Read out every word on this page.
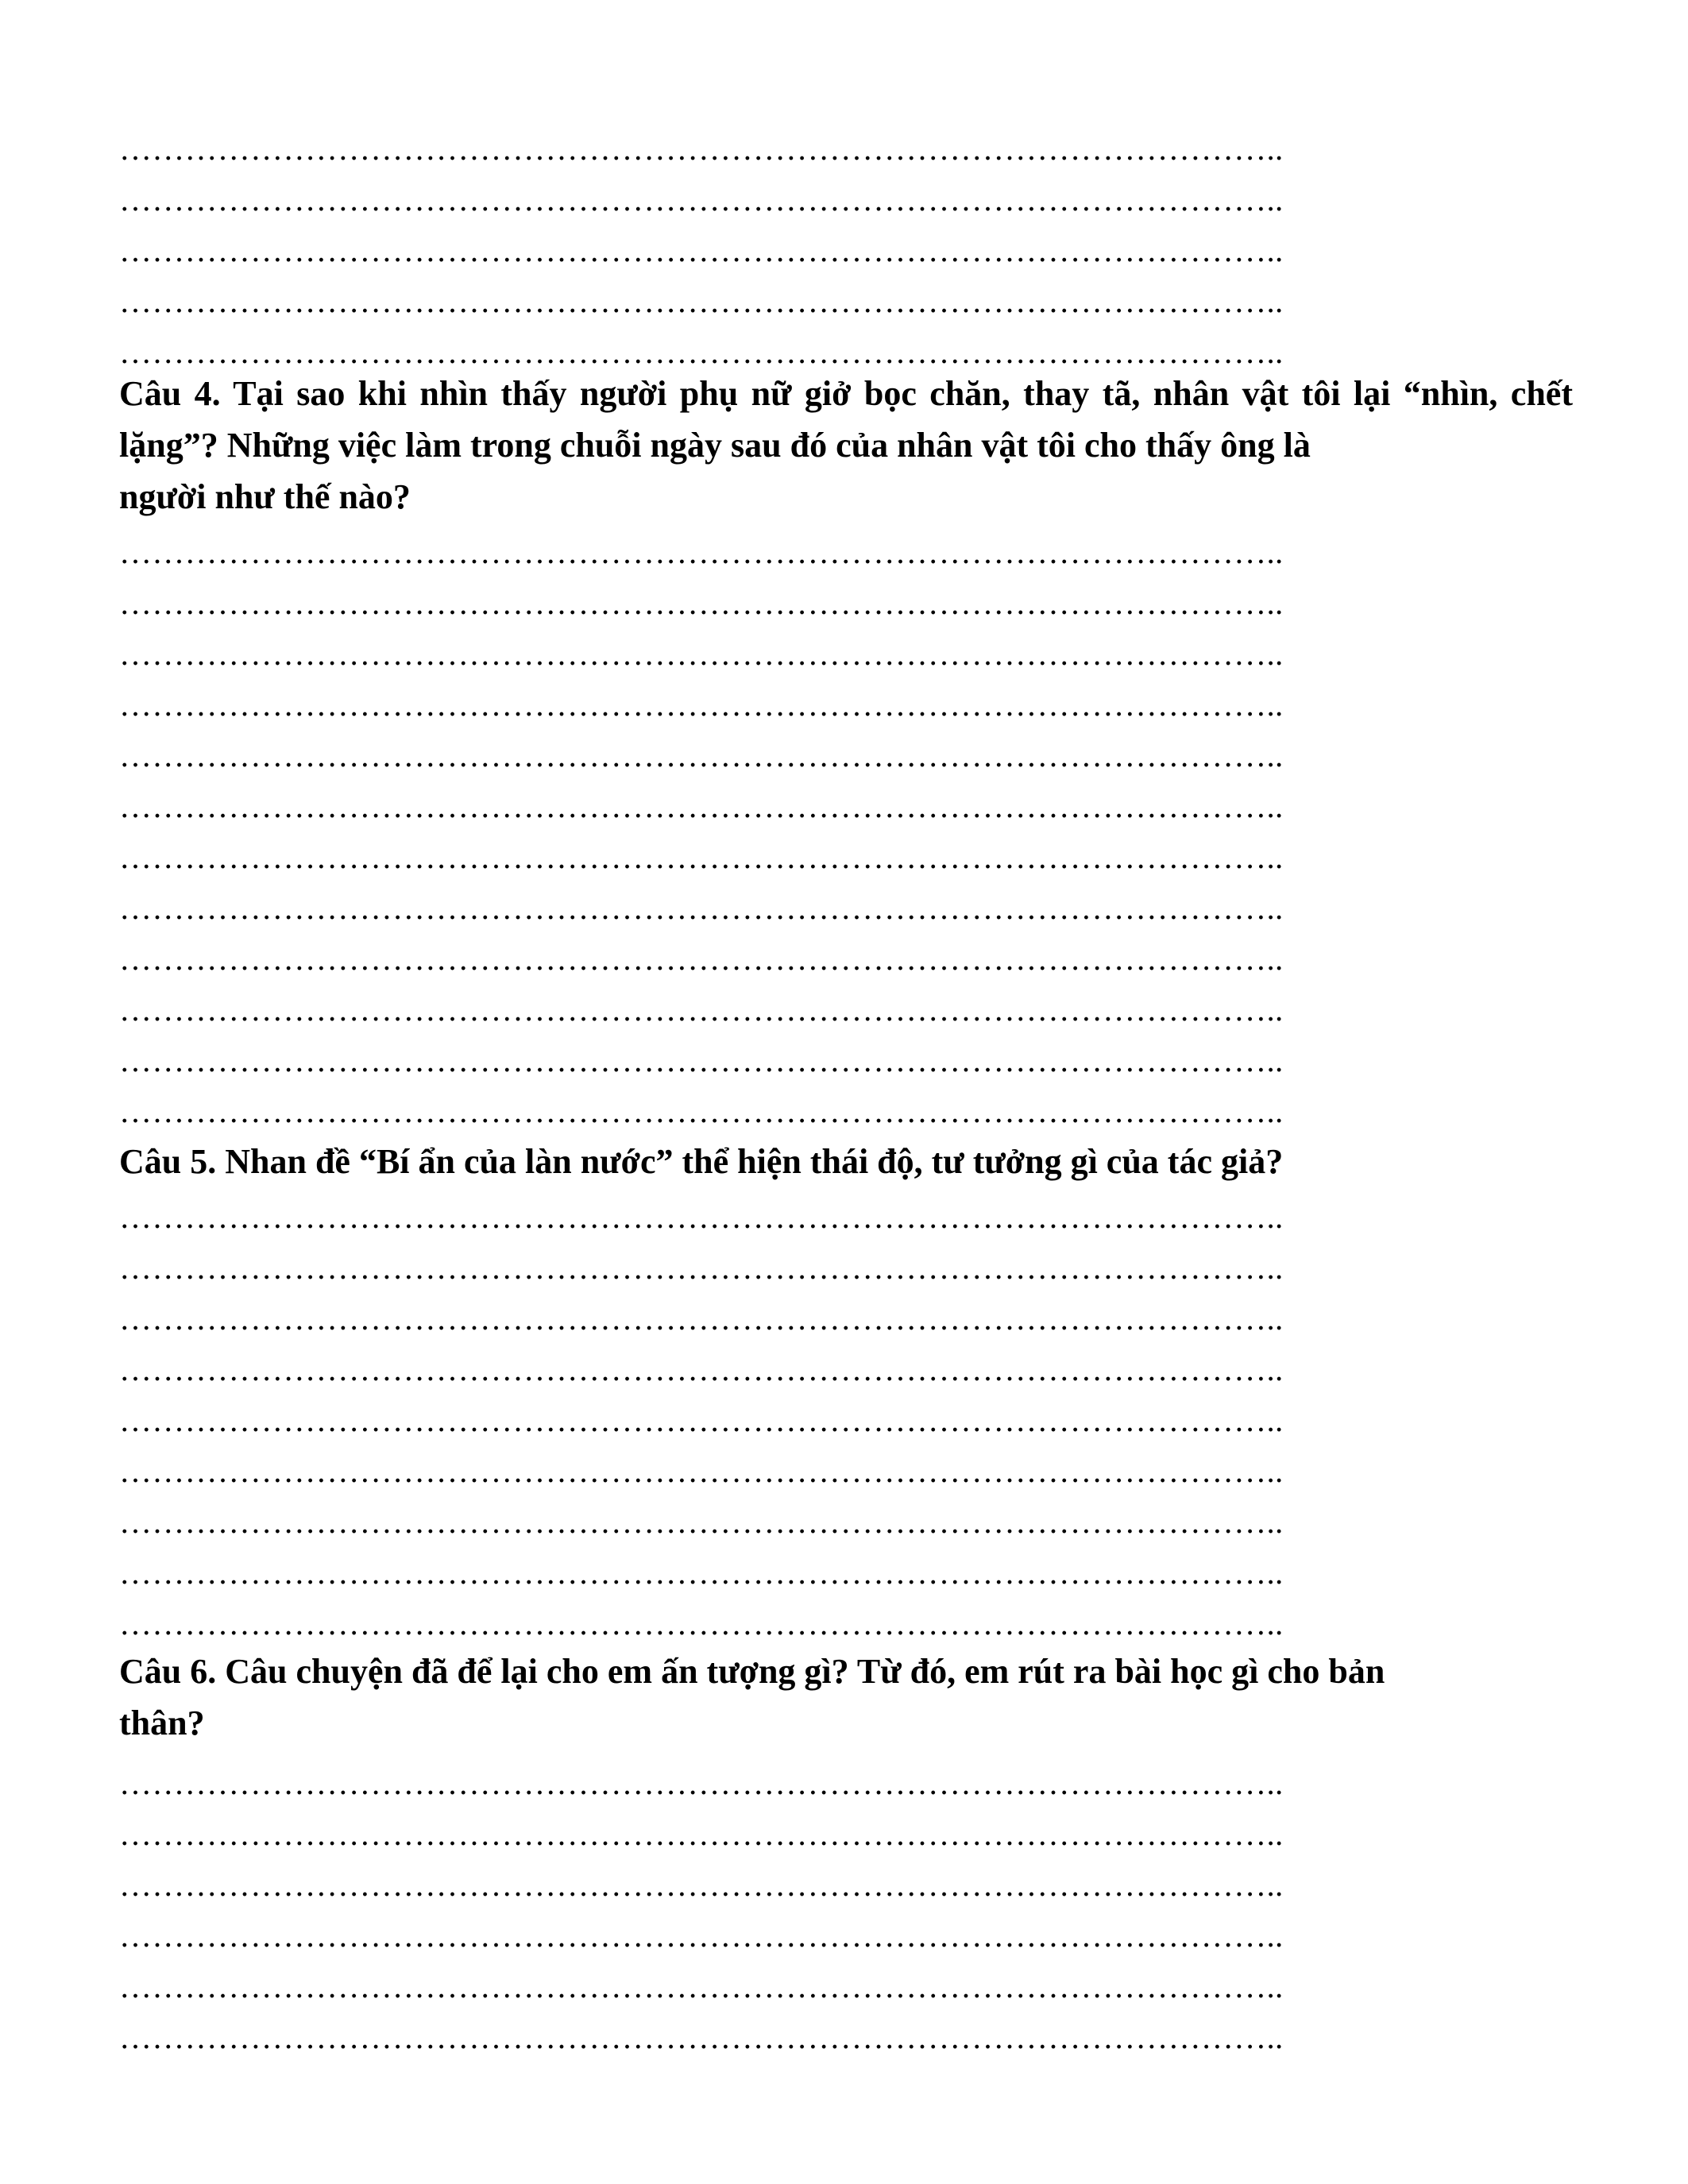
……………………………………………………………………………………………..
……………………………………………………………………………………………..
……………………………………………………………………………………………..
……………………………………………………………………………………………..
……………………………………………………………………………………………..

Câu 4. Tại sao khi nhìn thấy người phụ nữ giở bọc chăn, thay tã, nhân vật tôi lại “nhìn, chết lặng”? Những việc làm trong chuỗi ngày sau đó của nhân vật tôi cho thấy ông là
người như thế nào?

……………………………………………………………………………………………..
……………………………………………………………………………………………..
……………………………………………………………………………………………..
……………………………………………………………………………………………..
……………………………………………………………………………………………..
……………………………………………………………………………………………..
……………………………………………………………………………………………..
……………………………………………………………………………………………..
……………………………………………………………………………………………..
……………………………………………………………………………………………..
……………………………………………………………………………………………..
……………………………………………………………………………………………..

Câu 5. Nhan đề “Bí ẩn của làn nước” thể hiện thái độ, tư tưởng gì của tác giả?

……………………………………………………………………………………………..
……………………………………………………………………………………………..
……………………………………………………………………………………………..
……………………………………………………………………………………………..
……………………………………………………………………………………………..
……………………………………………………………………………………………..
……………………………………………………………………………………………..
……………………………………………………………………………………………..
……………………………………………………………………………………………..

Câu 6. Câu chuyện đã để lại cho em ấn tượng gì? Từ đó, em rút ra bài học gì cho bản
thân?

……………………………………………………………………………………………..
……………………………………………………………………………………………..
……………………………………………………………………………………………..
……………………………………………………………………………………………..
……………………………………………………………………………………………..
……………………………………………………………………………………………..
